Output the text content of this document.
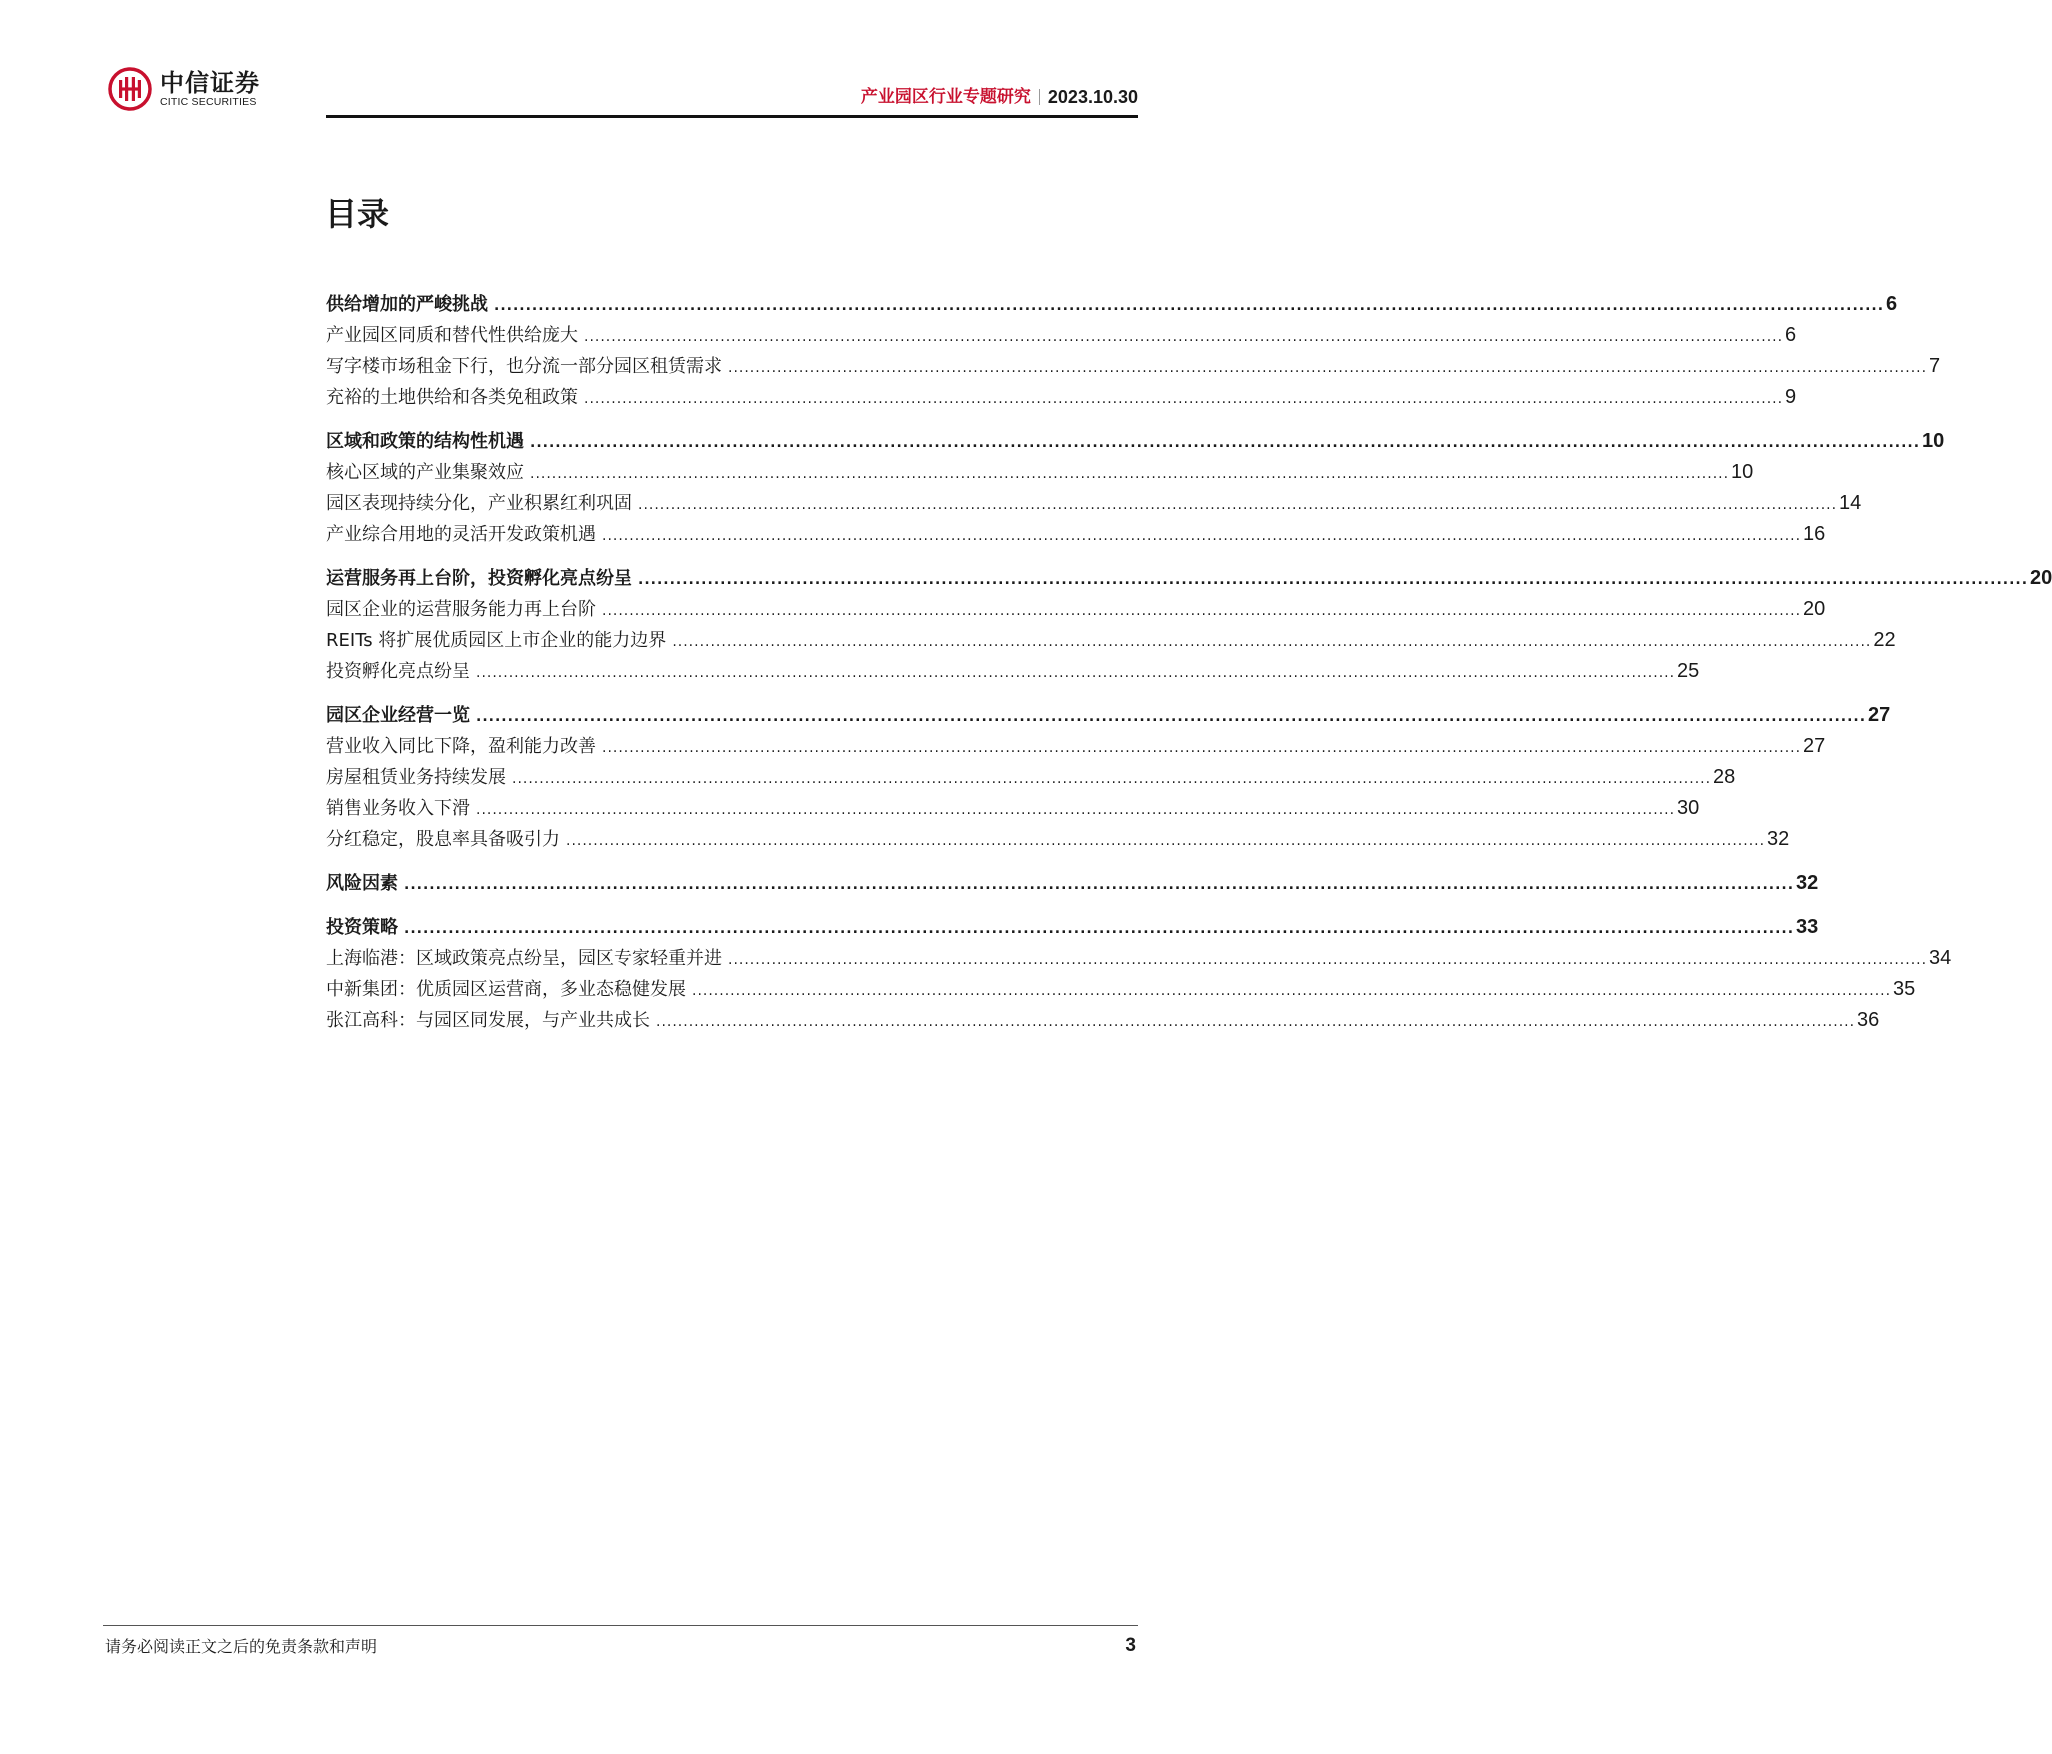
中信证券
CITIC SECURITIES	产业园区行业专题研究 2023.10.30
目录
供给增加的严峻挑战 ............................................................................................................................................................................................................................ 6
产业园区同质和替代性供给庞大 ............................................................................................................................................................................................................................ 6
写字楼市场租金下行，也分流一部分园区租赁需求 ............................................................................................................................................................................................................................ 7
充裕的土地供给和各类免租政策 ............................................................................................................................................................................................................................ 9
区域和政策的结构性机遇 ............................................................................................................................................................................................................................ 10
核心区域的产业集聚效应 ............................................................................................................................................................................................................................ 10
园区表现持续分化，产业积累红利巩固 ............................................................................................................................................................................................................................ 14
产业综合用地的灵活开发政策机遇 ............................................................................................................................................................................................................................ 16
运营服务再上台阶，投资孵化亮点纷呈 ............................................................................................................................................................................................................................ 20
园区企业的运营服务能力再上台阶 ............................................................................................................................................................................................................................ 20
REITs 将扩展优质园区上市企业的能力边界 ............................................................................................................................................................................................................................ 22
投资孵化亮点纷呈 ............................................................................................................................................................................................................................ 25
园区企业经营一览 ............................................................................................................................................................................................................................ 27
营业收入同比下降，盈利能力改善 ............................................................................................................................................................................................................................ 27
房屋租赁业务持续发展 ............................................................................................................................................................................................................................ 28
销售业务收入下滑 ............................................................................................................................................................................................................................ 30
分红稳定，股息率具备吸引力 ............................................................................................................................................................................................................................ 32
风险因素 ............................................................................................................................................................................................................................ 32
投资策略 ............................................................................................................................................................................................................................ 33
上海临港：区域政策亮点纷呈，园区专家轻重并进 ............................................................................................................................................................................................................................ 34
中新集团：优质园区运营商，多业态稳健发展 ............................................................................................................................................................................................................................ 35
张江高科：与园区同发展，与产业共成长 ............................................................................................................................................................................................................................ 36
请务必阅读正文之后的免责条款和声明	3
